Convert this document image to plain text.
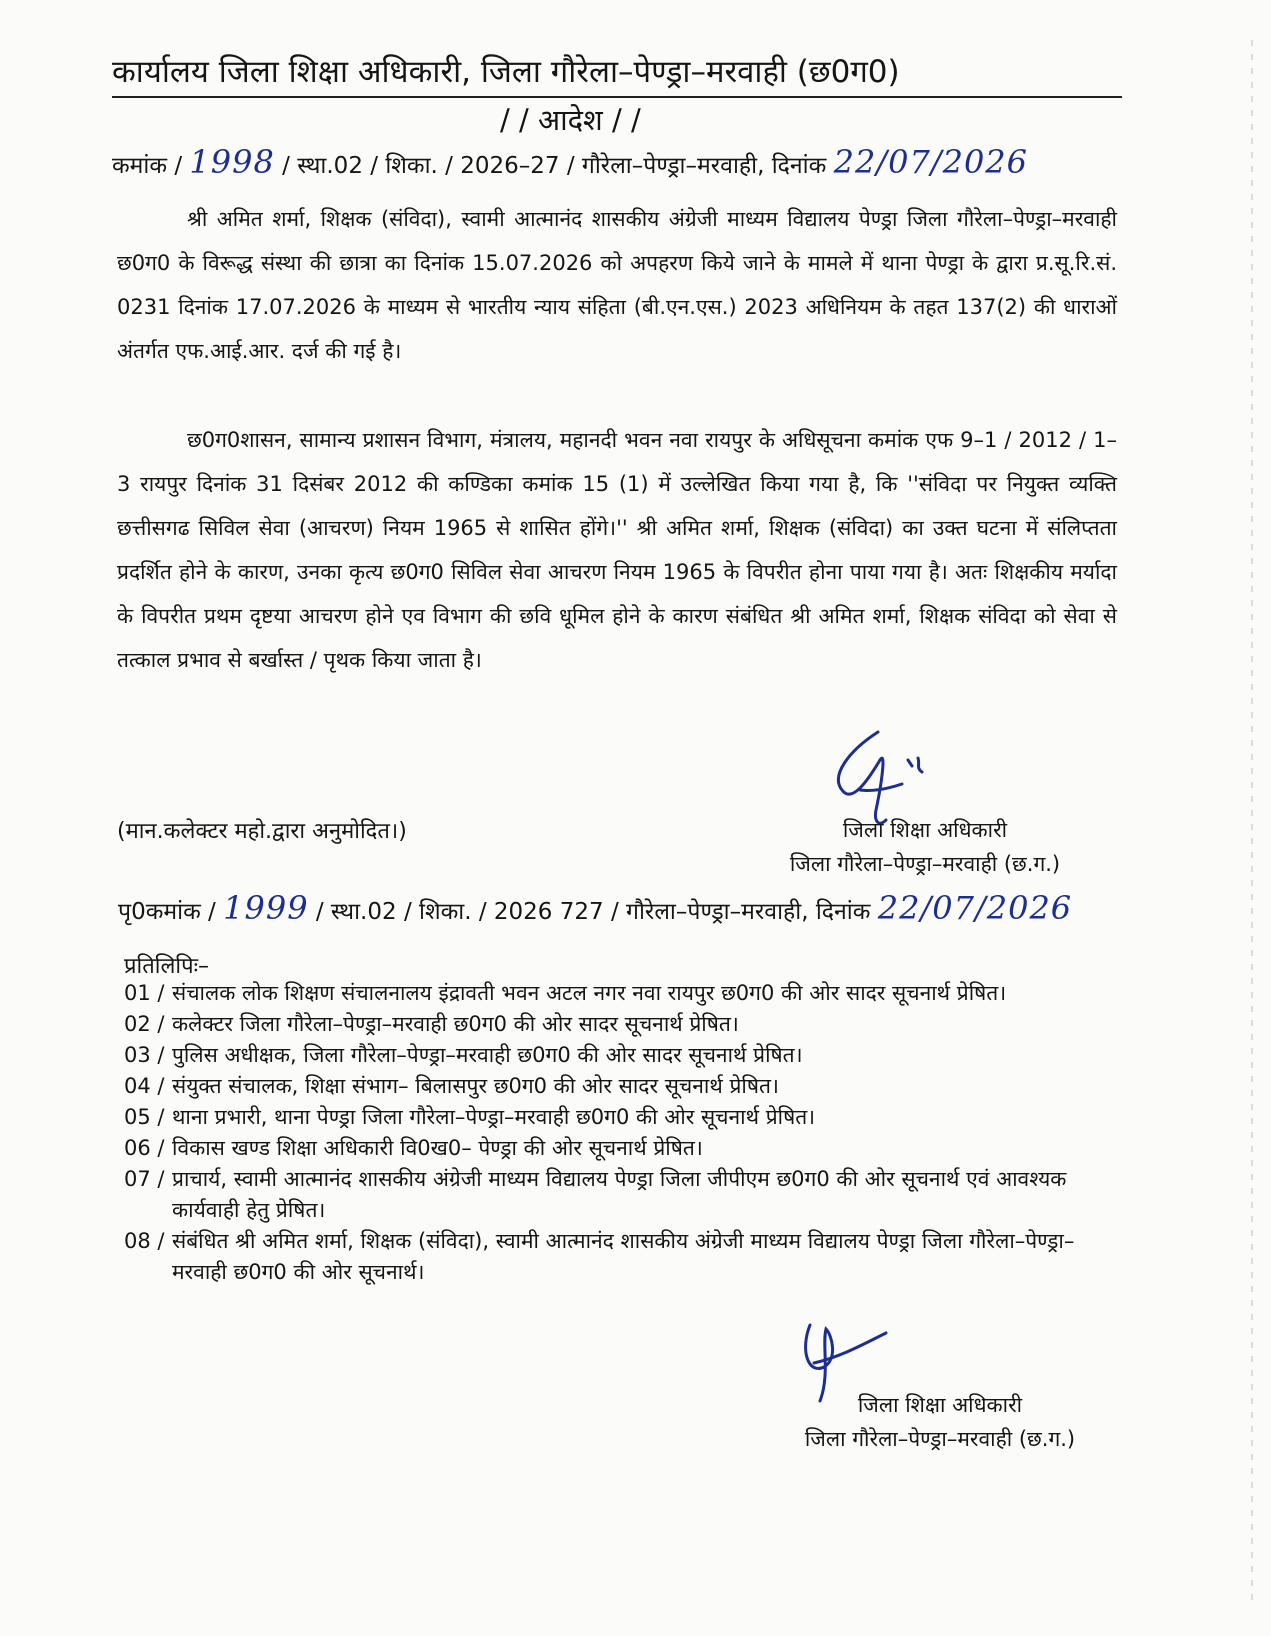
कार्यालय जिला शिक्षा अधिकारी, जिला गौरेला–पेण्ड्रा–मरवाही (छ0ग0)
/ / आदेश / /
कमांक / 1998 / स्था.02 / शिका. / 2026–27 / गौरेला–पेण्ड्रा–मरवाही, दिनांक 22/07/2026
श्री अमित शर्मा, शिक्षक (संविदा), स्वामी आत्मानंद शासकीय अंग्रेजी माध्यम विद्यालय पेण्ड्रा जिला गौरेला–पेण्ड्रा–मरवाही छ0ग0 के विरूद्ध संस्था की छात्रा का दिनांक 15.07.2026 को अपहरण किये जाने के मामले में थाना पेण्ड्रा के द्वारा प्र.सू.रि.सं. 0231 दिनांक 17.07.2026 के माध्यम से भारतीय न्याय संहिता (बी.एन.एस.) 2023 अधिनियम के तहत 137(2) की धाराओं अंतर्गत एफ.आई.आर. दर्ज की गई है।
छ0ग0शासन, सामान्य प्रशासन विभाग, मंत्रालय, महानदी भवन नवा रायपुर के अधिसूचना कमांक एफ 9–1 / 2012 / 1–3 रायपुर दिनांक 31 दिसंबर 2012 की कण्डिका कमांक 15 (1) में उल्लेखित किया गया है, कि ''संविदा पर नियुक्त व्यक्ति छत्तीसगढ सिविल सेवा (आचरण) नियम 1965 से शासित होंगे।'' श्री अमित शर्मा, शिक्षक (संविदा) का उक्त घटना में संलिप्तता प्रदर्शित होने के कारण, उनका कृत्य छ0ग0 सिविल सेवा आचरण नियम 1965 के विपरीत होना पाया गया है। अतः शिक्षकीय मर्यादा के विपरीत प्रथम दृष्टया आचरण होने एव विभाग की छवि धूमिल होने के कारण संबंधित श्री अमित शर्मा, शिक्षक संविदा को सेवा से तत्काल प्रभाव से बर्खास्त / पृथक किया जाता है।
(मान.कलेक्टर महो.द्वारा अनुमोदित।)	जिला शिक्षा अधिकारी
जिला गौरेला–पेण्ड्रा–मरवाही (छ.ग.)
पृ0कमांक / 1999 / स्था.02 / शिका. / 2026 727 / गौरेला–पेण्ड्रा–मरवाही, दिनांक 22/07/2026
प्रतिलिपिः–
01 / संचालक लोक शिक्षण संचालनालय इंद्रावती भवन अटल नगर नवा रायपुर छ0ग0 की ओर सादर सूचनार्थ प्रेषित।
02 / कलेक्टर जिला गौरेला–पेण्ड्रा–मरवाही छ0ग0 की ओर सादर सूचनार्थ प्रेषित।
03 / पुलिस अधीक्षक, जिला गौरेला–पेण्ड्रा–मरवाही छ0ग0 की ओर सादर सूचनार्थ प्रेषित।
04 / संयुक्त संचालक, शिक्षा संभाग– बिलासपुर छ0ग0 की ओर सादर सूचनार्थ प्रेषित।
05 / थाना प्रभारी, थाना पेण्ड्रा जिला गौरेला–पेण्ड्रा–मरवाही छ0ग0 की ओर सूचनार्थ प्रेषित।
06 / विकास खण्ड शिक्षा अधिकारी वि0ख0– पेण्ड्रा की ओर सूचनार्थ प्रेषित।
07 / प्राचार्य, स्वामी आत्मानंद शासकीय अंग्रेजी माध्यम विद्यालय पेण्ड्रा जिला जीपीएम छ0ग0 की ओर सूचनार्थ एवं आवश्यक कार्यवाही हेतु प्रेषित।
08 / संबंधित श्री अमित शर्मा, शिक्षक (संविदा), स्वामी आत्मानंद शासकीय अंग्रेजी माध्यम विद्यालय पेण्ड्रा जिला गौरेला–पेण्ड्रा–मरवाही छ0ग0 की ओर सूचनार्थ।
जिला शिक्षा अधिकारी
जिला गौरेला–पेण्ड्रा–मरवाही (छ.ग.)
